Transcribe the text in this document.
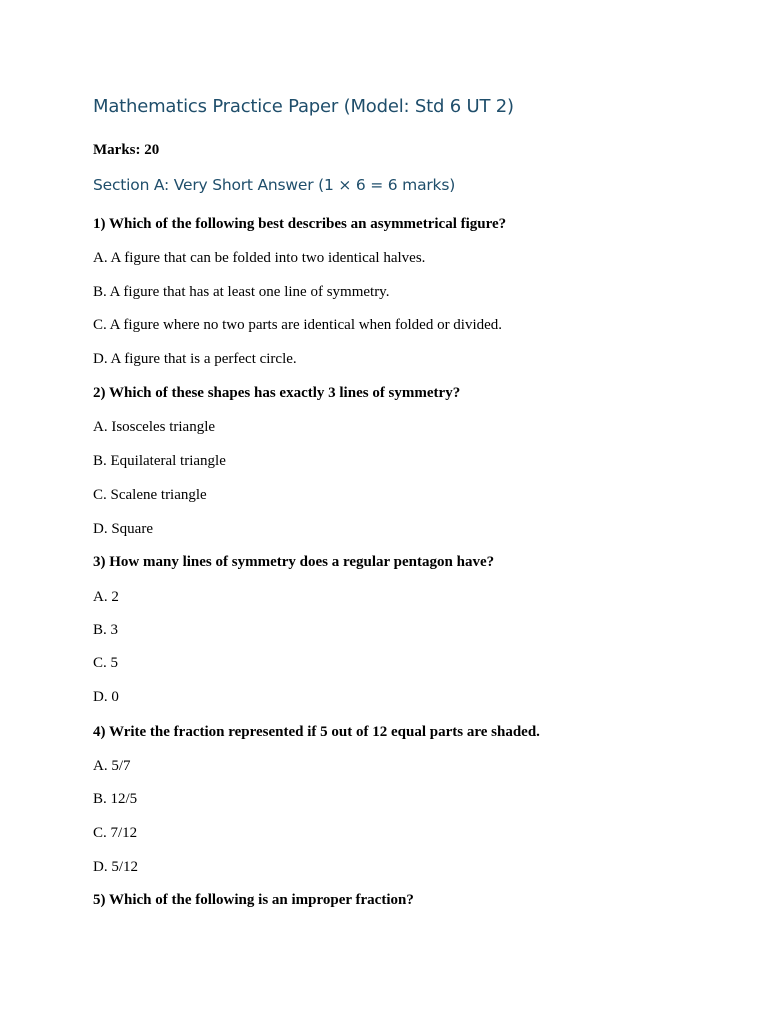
Mathematics Practice Paper (Model: Std 6 UT 2)
Marks: 20
Section A: Very Short Answer (1 × 6 = 6 marks)
1) Which of the following best describes an asymmetrical figure?
A. A figure that can be folded into two identical halves.
B. A figure that has at least one line of symmetry.
C. A figure where no two parts are identical when folded or divided.
D. A figure that is a perfect circle.
2) Which of these shapes has exactly 3 lines of symmetry?
A. Isosceles triangle
B. Equilateral triangle
C. Scalene triangle
D. Square
3) How many lines of symmetry does a regular pentagon have?
A. 2
B. 3
C. 5
D. 0
4) Write the fraction represented if 5 out of 12 equal parts are shaded.
A. 5/7
B. 12/5
C. 7/12
D. 5/12
5) Which of the following is an improper fraction?
